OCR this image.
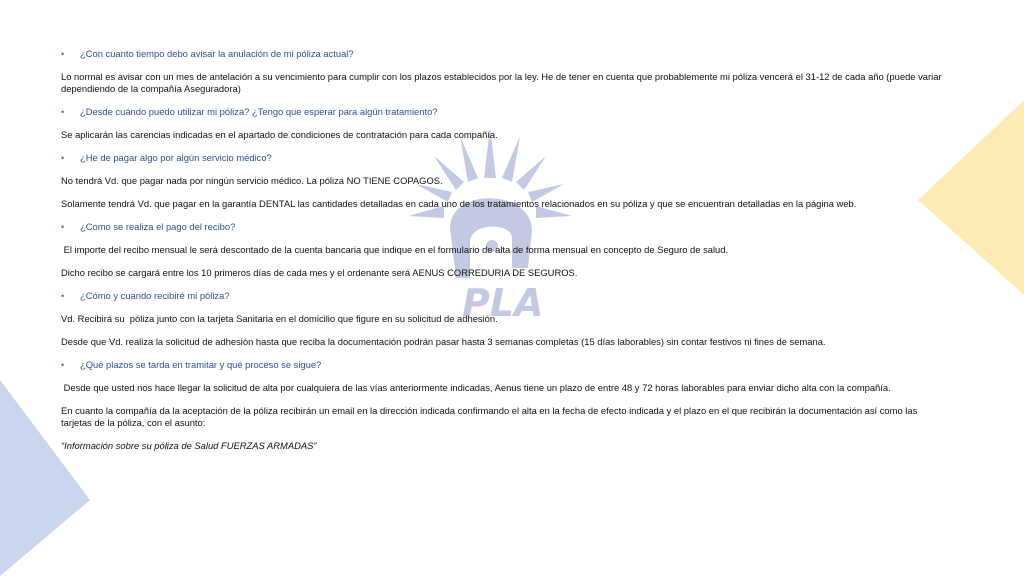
PLA
• ¿Con cuanto tiempo debo avisar la anulación de mi póliza actual?

Lo normal es avisar con un mes de antelación a su vencimiento para cumplir con los plazos establecidos por la ley. He de tener en cuenta que probablemente mi póliza vencerá el 31-12 de cada año (puede variar dependiendo de la compañía Aseguradora)

• ¿Desde cuándo puedo utilizar mi póliza? ¿Tengo que esperar para algún tratamiento?

Se aplicarán las carencias indicadas en el apartado de condiciones de contratación para cada compañía.

• ¿He de pagar algo por algún servicio médico?

No tendrá Vd. que pagar nada por ningún servicio médico. La póliza NO TIENE COPAGOS.

Solamente tendrá Vd. que pagar en la garantía DENTAL las cantidades detalladas en cada uno de los tratamientos relacionados en su póliza y que se encuentran detalladas en la página web.

• ¿Como se realiza el pago del recibo?

El importe del recibo mensual le será descontado de la cuenta bancaria que indique en el formulario de alta de forma mensual en concepto de Seguro de salud.

Dicho recibo se cargará entre los 10 primeros días de cada mes y el ordenante será AENUS CORREDURIA DE SEGUROS.

• ¿Cómo y cuando recibiré mi póliza?

Vd. Recibirá su  póliza junto con la tarjeta Sanitaria en el domicilio que figure en su solicitud de adhesión.

Desde que Vd. realiza la solicitud de adhesión hasta que reciba la documentación podrán pasar hasta 3 semanas completas (15 días laborables) sin contar festivos ni fines de semana.

• ¿Qué plazos se tarda en tramitar y qué proceso se sigue?

Desde que usted nos hace llegar la solicitud de alta por cualquiera de las vías anteriormente indicadas, Aenus tiene un plazo de entre 48 y 72 horas laborables para enviar dicho alta con la compañía.

En cuanto la compañía da la aceptación de la póliza recibirán un email en la dirección indicada confirmando el alta en la fecha de efecto indicada y el plazo en el que recibirán la documentación así como las tarjetas de la póliza, con el asunto:

“Información sobre su póliza de Salud FUERZAS ARMADAS”
